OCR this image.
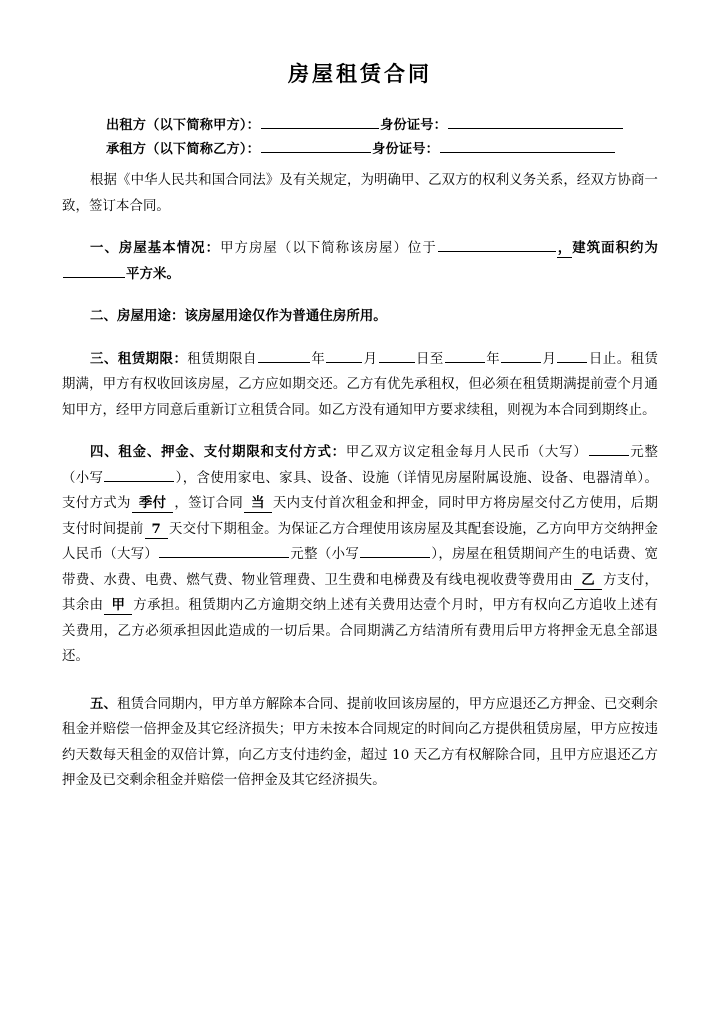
房屋租赁合同
出租方（以下简称甲方）：	身份证号：
承租方（以下简称乙方）：	身份证号：

根据《中华人民共和国合同法》及有关规定，为明确甲、乙双方的权利义务关系，经双方协商一致，签订本合同。

一、房屋基本情况：甲方房屋（以下简称该房屋）位于	，建筑面积约为平方米。

二、房屋用途：该房屋用途仅作为普通住房所用。

三、租赁期限：租赁期限自	年	月	日至	年	月 日止。租赁期满，甲方有权收回该房屋，乙方应如期交还。乙方有优先承租权，但必须在租赁期满提前壹个月通知甲方，经甲方同意后重新订立租赁合同。如乙方没有通知甲方要求续租，则视为本合同到期终止。

四、租金、押金、支付期限和支付方式：甲乙双方议定租金每月人民币（大写）	元整（小写	），含使用家电、家具、设备、设施（详情见房屋附属设施、设备、电器清单）。支付方式为 季付 ，签订合同 当 天内支付首次租金和押金，同时甲方将房屋交付乙方使用，后期支付时间提前 7 天交付下期租金。为保证乙方合理使用该房屋及其配套设施，乙方向甲方交纳押金人民币（大写）	元整（小写	），房屋在租赁期间产生的电话费、宽带费、水费、电费、燃气费、物业管理费、卫生费和电梯费及有线电视收费等费用由 乙 方支付，其余由 甲 方承担。租赁期内乙方逾期交纳上述有关费用达壹个月时，甲方有权向乙方追收上述有关费用，乙方必须承担因此造成的一切后果。合同期满乙方结清所有费用后甲方将押金无息全部退还。

五、租赁合同期内，甲方单方解除本合同、提前收回该房屋的，甲方应退还乙方押金、已交剩余租金并赔偿一倍押金及其它经济损失；甲方未按本合同规定的时间向乙方提供租赁房屋，甲方应按违约天数每天租金的双倍计算，向乙方支付违约金，超过 10 天乙方有权解除合同，且甲方应退还乙方押金及已交剩余租金并赔偿一倍押金及其它经济损失。
